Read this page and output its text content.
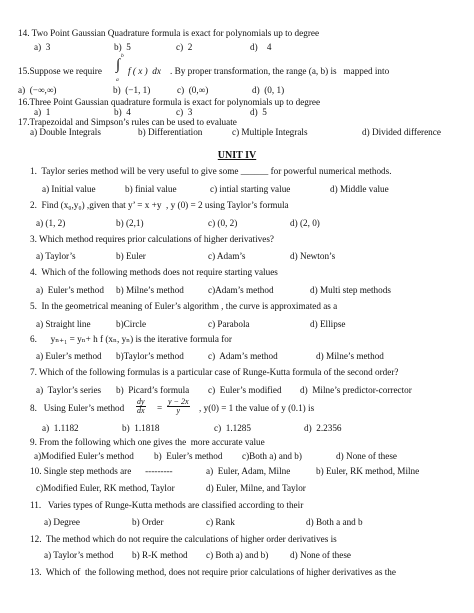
14. Two Point Gaussian Quadrature formula is exact for polynomials up to degree
a)  3	b)  5	c)  2	d)    4
15.Suppose we require
b
∫
a
f ( x )  dx . By proper transformation, the range (a, b) is   mapped into
a)  (−∞,∞)	b)  (−1, 1)	c)  (0,∞)	d)  (0, 1)
16.Three Point Gaussian quadrature formula is exact for polynomials up to degree
a)  1	b)  4	c)  3	d)  5
17.Trapezoidal and Simpson’s rules can be used to evaluate
a) Double Integrals	b) Differentiation	c) Multiple Integrals	d) Divided difference
UNIT IV
1.  Taylor series method will be very useful to give some ______ for powerful numerical methods.
a) Initial value	b) finial value	c) intial starting value	d) Middle value
2.  Find (x₀,y₀) ,given that y’ = x +y  , y (0) = 2 using Taylor’s formula
a) (1, 2)	b) (2,1)	c) (0, 2)	d) (2, 0)
3. Which method requires prior calculations of higher derivatives?
a) Taylor’s	b) Euler	c) Adam’s	d) Newton’s
4.  Which of the following methods does not require starting values
a)  Euler’s method b) Milne’s method	c)Adam’s method	d) Multi step methods
5.  In the geometrical meaning of Euler’s algorithm , the curve is approximated as a
a) Straight line	b)Circle	c) Parabola	d) Ellipse
6.      yₙ₊₁ = yₙ+ h f (xₙ, yₙ) is the iterative formula for
a) Euler’s method b)Taylor’s method	c)  Adam’s method	d) Milne’s method
7. Which of the following formulas is a particular case of Runge-Kutta formula of the second order?
a)  Taylor’s series b)  Picard’s formula c)  Euler’s modified d)  Milne’s predictor-corrector
8.   Using Euler’s method $\frac{dy}{dx} = \frac{y - 2x}{y}$ , y(0) = 1 the value of y (0.1) is
a)  1.1182	b)  1.1818	c)  1.1285	d)  2.2356
9. From the following which one gives the  more accurate value
a)Modified Euler’s method b)  Euler’s method c)Both a) and b)	d) None of these
10. Single step methods are      ---------	a)  Euler, Adam, Milne	b) Euler, RK method, Milne
c)Modified Euler, RK method, Taylor	d) Euler, Milne, and Taylor
11.   Varies types of Runge-Kutta methods are classified according to their
a) Degree	b) Order	c) Rank	d) Both a and b
12.  The method which do not require the calculations of higher order derivatives is
a) Taylor’s method b) R-K method c) Both a) and b) d) None of these
13.  Which of  the following method, does not require prior calculations of higher derivatives as the
